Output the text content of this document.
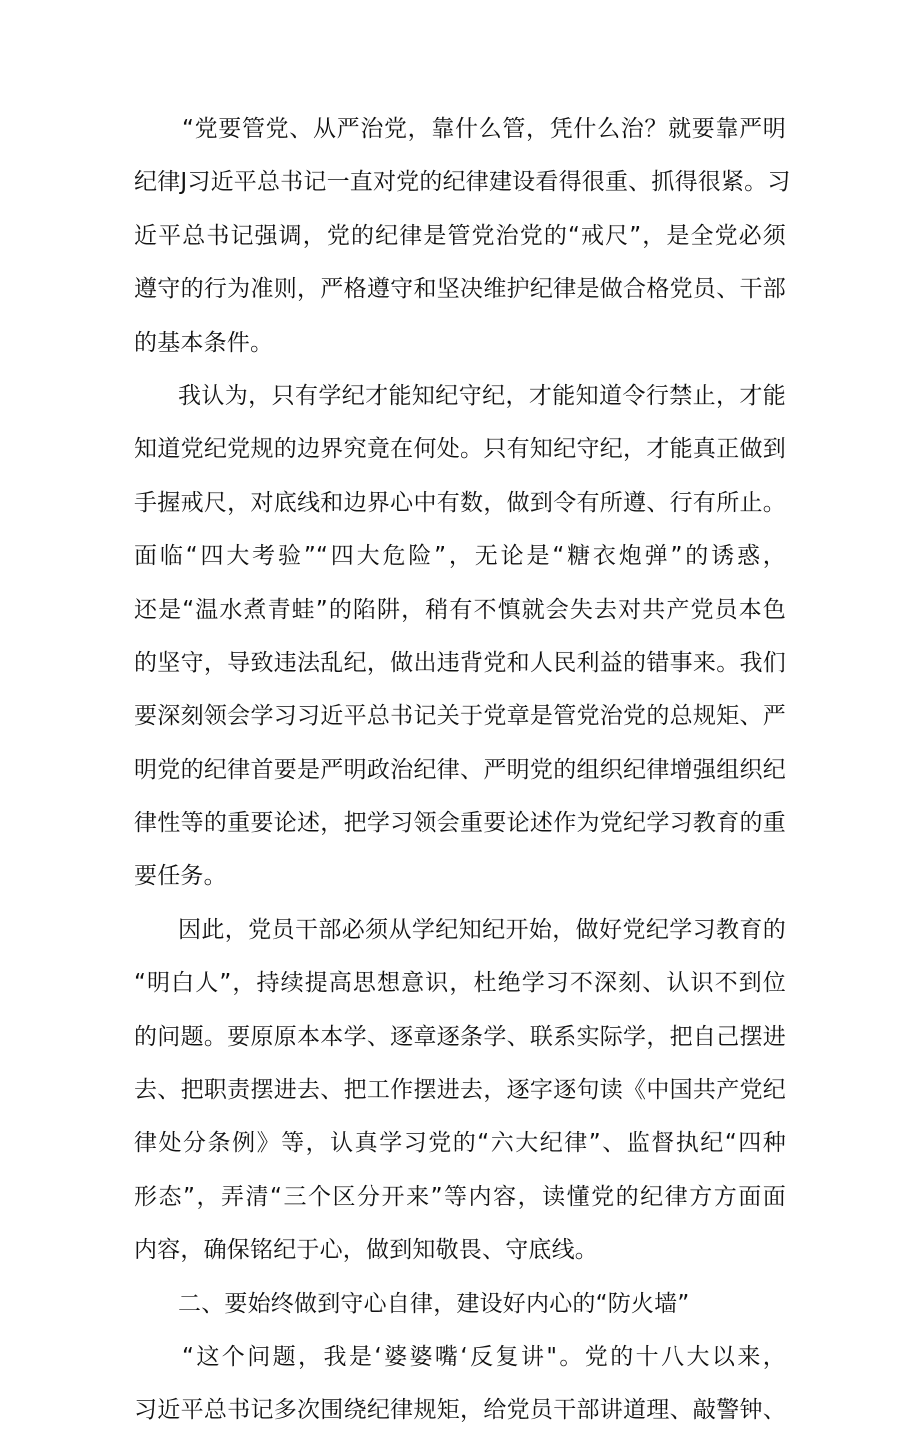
“党要管党、从严治党，靠什么管，凭什么治？就要靠严明
纪律J习近平总书记一直对党的纪律建设看得很重、抓得很紧。习
近平总书记强调，党的纪律是管党治党的“戒尺”，是全党必须
遵守的行为准则，严格遵守和坚决维护纪律是做合格党员、干部
的基本条件。
我认为，只有学纪才能知纪守纪，才能知道令行禁止，才能
知道党纪党规的边界究竟在何处。只有知纪守纪，才能真正做到
手握戒尺，对底线和边界心中有数，做到令有所遵、行有所止。
面临“四大考验”“四大危险”，无论是“糖衣炮弹”的诱惑，
还是“温水煮青蛙”的陷阱，稍有不慎就会失去对共产党员本色
的坚守，导致违法乱纪，做出违背党和人民利益的错事来。我们
要深刻领会学习习近平总书记关于党章是管党治党的总规矩、严
明党的纪律首要是严明政治纪律、严明党的组织纪律增强组织纪
律性等的重要论述，把学习领会重要论述作为党纪学习教育的重
要任务。
因此，党员干部必须从学纪知纪开始，做好党纪学习教育的
“明白人”，持续提高思想意识，杜绝学习不深刻、认识不到位
的问题。要原原本本学、逐章逐条学、联系实际学，把自己摆进
去、把职责摆进去、把工作摆进去，逐字逐句读《中国共产党纪
律处分条例》等，认真学习党的“六大纪律”、监督执纪“四种
形态”，弄清“三个区分开来”等内容，读懂党的纪律方方面面
内容，确保铭纪于心，做到知敬畏、守底线。
二、要始终做到守心自律，建设好内心的“防火墙”
“这个问题，我是‘婆婆嘴‘反复讲"。党的十八大以来，
习近平总书记多次围绕纪律规矩，给党员干部讲道理、敲警钟、
